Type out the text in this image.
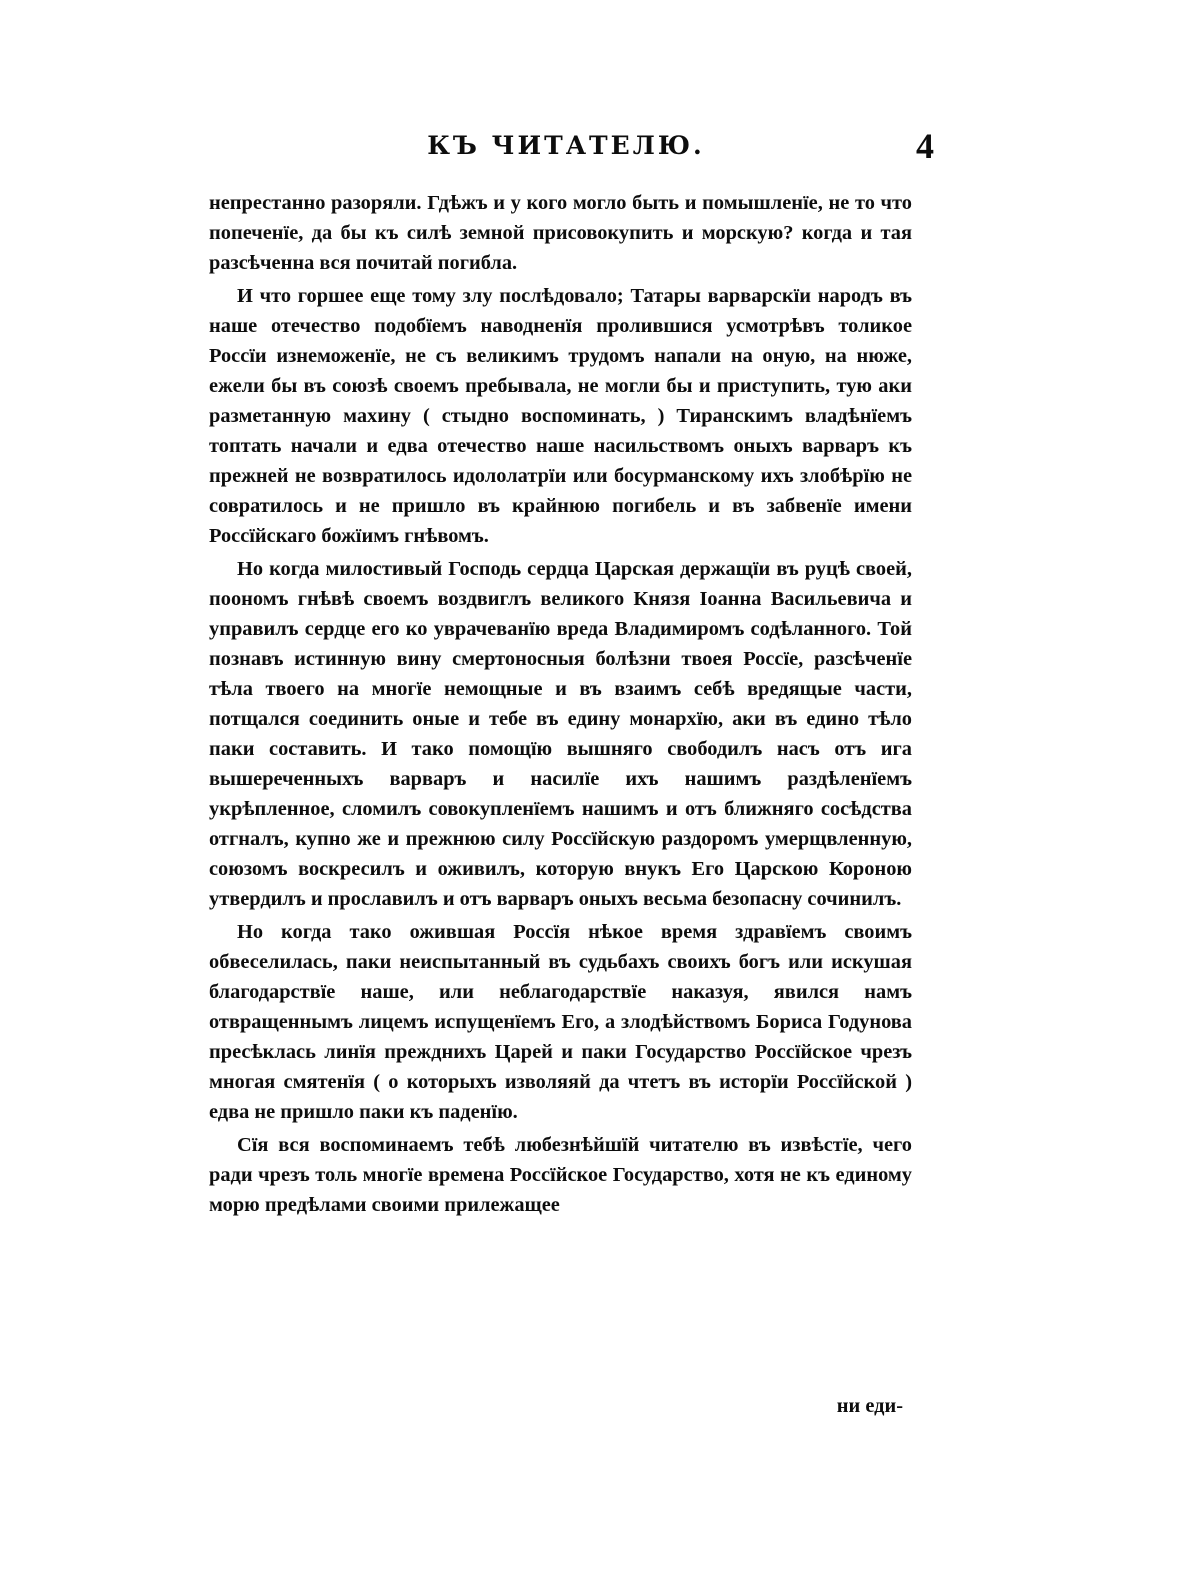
КЪ ЧИТАТЕЛЮ.	4

непрестанно разоряли. Гдѣжъ и у кого могло быть и помышленїе, не то что попеченїе, да бы къ силѣ земной присовокупить и морскую? когда и тая разсѣченна вся почитай погибла.

И что горшее еще тому злу послѣдовало; Татары варварскїи народъ въ наше отечество подобїемъ наводненїя пролившися усмотрѣвъ толикое Россїи изнеможенїе, не съ великимъ трудомъ напали на оную, на нюже, ежели бы въ союзѣ своемъ пребывала, не могли бы и приступить, тую аки разметанную махину ( стыдно воспоминать, ) Тиранскимъ владѣнїемъ топтать начали и едва отечество наше насильствомъ оныхъ варваръ къ прежней не возвратилось идололатрїи или босурманскому ихъ злобѣрїю не совратилось и не пришло въ крайнюю погибель и въ забвенїе имени Россїйскаго божїимъ гнѣвомъ.

Но когда милостивый Господь сердца Царская держащїи въ руцѣ своей, поономъ гнѣвѣ своемъ воздвиглъ великого Князя Іоанна Васильевича и управилъ сердце его ко уврачеванїю вреда Владимиромъ содѣланного. Той познавъ истинную вину смертоносныя болѣзни твоея Россїе, разсѣченїе тѣла твоего на многїе немощные и въ взаимъ себѣ вредящые части, потщался соединить оные и тебе въ едину монархїю, аки въ едино тѣло паки составить. И тако помощїю вышняго свободилъ насъ отъ ига вышереченныхъ варваръ и насилїе ихъ нашимъ раздѣленїемъ укрѣпленное, сломилъ совокупленїемъ нашимъ и отъ ближняго сосѣдства отгналъ, купно же и прежнюю силу Россїйскую раздоромъ умерщвленную, союзомъ воскресилъ и оживилъ, которую внукъ Его Царскою Короною утвердилъ и прославилъ и отъ варваръ оныхъ весьма безопасну сочинилъ.

Но когда тако ожившая Россїя нѣкое время здравїемъ своимъ обвеселилась, паки неиспытанный въ судьбахъ своихъ богъ или искушая благодарствїе наше, или неблагодарствїе наказуя, явился намъ отвращеннымъ лицемъ испущенїемъ Его, а злодѣйствомъ Бориса Годунова пресѣклась линїя прежднихъ Царей и паки Государство Россїйское чрезъ многая смятенїя ( о которыхъ изволяяй да чтетъ въ исторїи Россїйской ) едва не пришло паки къ паденїю.

Сїя вся воспоминаемъ тебѣ любезнѣйшїй читателю въ извѣстїе, чего ради чрезъ толь многїе времена Россїйское Государство, хотя не къ единому морю предѣлами своими прилежащее

ни еди-
